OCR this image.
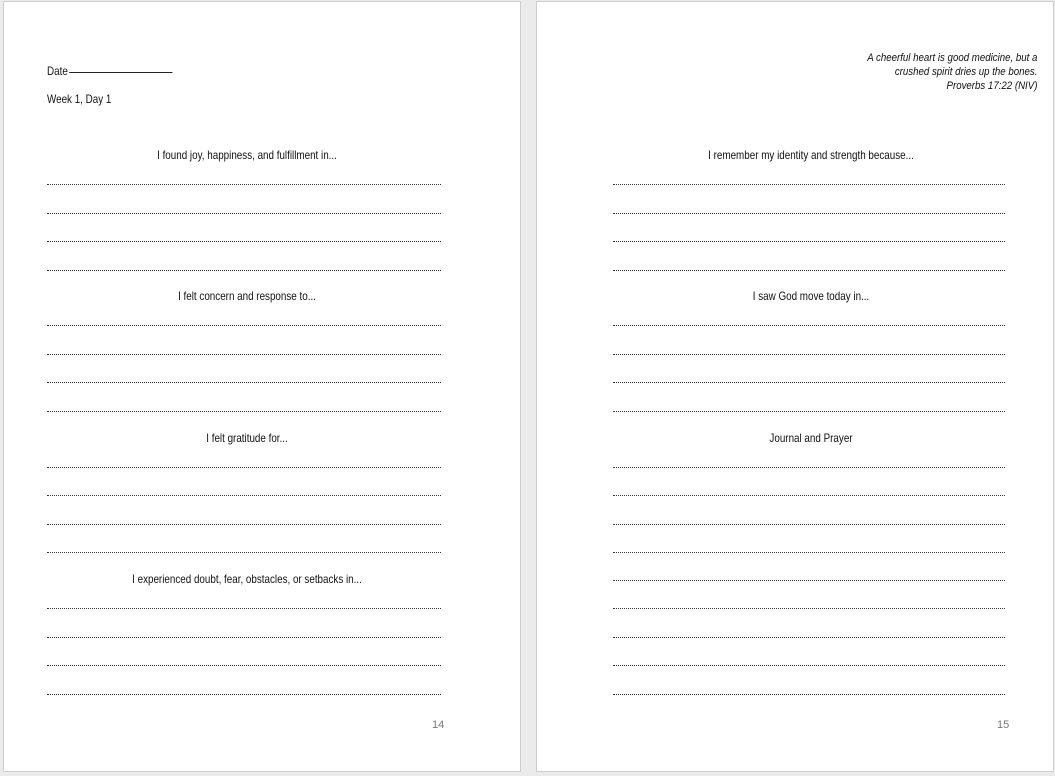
Date
Week 1, Day 1
I found joy, happiness, and fulfillment in...
I felt concern and response to...
I felt gratitude for...
I experienced doubt, fear, obstacles, or setbacks in...
14
A cheerful heart is good medicine, but a
crushed spirit dries up the bones.
Proverbs 17:22 (NIV)
I remember my identity and strength because...
I saw God move today in...
Journal and Prayer
15
